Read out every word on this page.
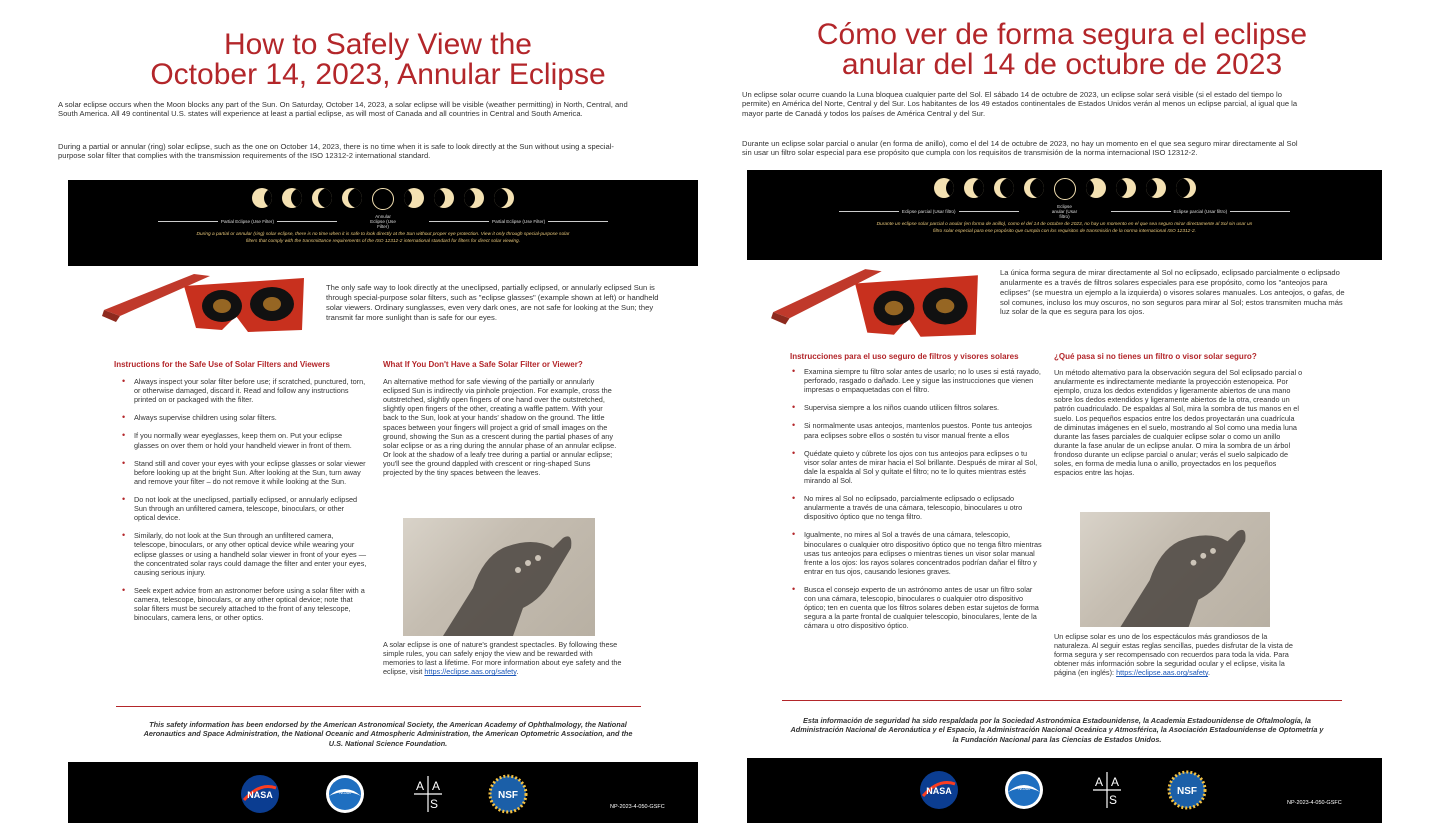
How to Safely View the
October 14, 2023, Annular Eclipse

A solar eclipse occurs when the Moon blocks any part of the Sun. On Saturday, October 14, 2023, a solar eclipse will be visible (weather permitting) in North, Central, and South America. All 49 continental U.S. states will experience at least a partial eclipse, as will most of Canada and all countries in Central and South America.

During a partial or annular (ring) solar eclipse, such as the one on October 14, 2023, there is no time when it is safe to look directly at the Sun without using a special-purpose solar filter that complies with the transmission requirements of the ISO 12312-2 international standard.

Partial Eclipse (Use Filter)
Annular Eclipse (Use Filter)
Partial Eclipse (Use Filter)

During a partial or annular (ring) solar eclipse, there is no time when it is safe to look directly at the Sun without proper eye protection. View it only through special-purpose solar filters that comply with the transmittance requirements of the ISO 12312-2 international standard for filters for direct solar viewing.

The only safe way to look directly at the uneclipsed, partially eclipsed, or annularly eclipsed Sun is through special-purpose solar filters, such as "eclipse glasses" (example shown at left) or handheld solar viewers. Ordinary sunglasses, even very dark ones, are not safe for looking at the Sun; they transmit far more sunlight than is safe for our eyes.

Instructions for the Safe Use of Solar Filters and Viewers
• Always inspect your solar filter before use; if scratched, punctured, torn, or otherwise damaged, discard it. Read and follow any instructions printed on or packaged with the filter.
• Always supervise children using solar filters.
• If you normally wear eyeglasses, keep them on. Put your eclipse glasses on over them or hold your handheld viewer in front of them.
• Stand still and cover your eyes with your eclipse glasses or solar viewer before looking up at the bright Sun. After looking at the Sun, turn away and remove your filter – do not remove it while looking at the Sun.
• Do not look at the uneclipsed, partially eclipsed, or annularly eclipsed Sun through an unfiltered camera, telescope, binoculars, or other optical device.
• Similarly, do not look at the Sun through an unfiltered camera, telescope, binoculars, or any other optical device while wearing your eclipse glasses or using a handheld solar viewer in front of your eyes — the concentrated solar rays could damage the filter and enter your eyes, causing serious injury.
• Seek expert advice from an astronomer before using a solar filter with a camera, telescope, binoculars, or any other optical device; note that solar filters must be securely attached to the front of any telescope, binoculars, camera lens, or other optics.
What If You Don't Have a Safe Solar Filter or Viewer?

An alternative method for safe viewing of the partially or annularly eclipsed Sun is indirectly via pinhole projection. For example, cross the outstretched, slightly open fingers of one hand over the outstretched, slightly open fingers of the other, creating a waffle pattern. With your back to the Sun, look at your hands' shadow on the ground. The little spaces between your fingers will project a grid of small images on the ground, showing the Sun as a crescent during the partial phases of any solar eclipse or as a ring during the annular phase of an annular eclipse. Or look at the shadow of a leafy tree during a partial or annular eclipse; you'll see the ground dappled with crescent or ring-shaped Suns projected by the tiny spaces between the leaves.

A solar eclipse is one of nature's grandest spectacles. By following these simple rules, you can safely enjoy the view and be rewarded with memories to last a lifetime. For more information about eye safety and the eclipse, visit https://eclipse.aas.org/safety.

This safety information has been endorsed by the American Astronomical Society, the American Academy of Ophthalmology, the National Aeronautics and Space Administration, the National Oceanic and Atmospheric Administration, the American Optometric Association, and the U.S. National Science Foundation.

NASA	NOAA	A A
S
NSF
NP-2023-4-050-GSFC
Cómo ver de forma segura el eclipse
anular del 14 de octubre de 2023

Un eclipse solar ocurre cuando la Luna bloquea cualquier parte del Sol. El sábado 14 de octubre de 2023, un eclipse solar será visible (si el estado del tiempo lo permite) en América del Norte, Central y del Sur. Los habitantes de los 49 estados continentales de Estados Unidos verán al menos un eclipse parcial, al igual que la mayor parte de Canadá y todos los países de América Central y del Sur.

Durante un eclipse solar parcial o anular (en forma de anillo), como el del 14 de octubre de 2023, no hay un momento en el que sea seguro mirar directamente al Sol sin usar un filtro solar especial para ese propósito que cumpla con los requisitos de transmisión de la norma internacional ISO 12312-2.

Eclipse parcial (Usar filtro)
Eclipse anular (Usar filtro)
Eclipse parcial (Usar filtro)

Durante un eclipse solar parcial o anular (en forma de anillo), como el del 14 de octubre de 2023, no hay un momento en el que sea seguro mirar directamente al Sol sin usar un filtro solar especial para ese propósito que cumpla con los requisitos de transmisión de la norma internacional ISO 12312-2.

La única forma segura de mirar directamente al Sol no eclipsado, eclipsado parcialmente o eclipsado anularmente es a través de filtros solares especiales para ese propósito, como los "anteojos para eclipses" (se muestra un ejemplo a la izquierda) o visores solares manuales. Los anteojos, o gafas, de sol comunes, incluso los muy oscuros, no son seguros para mirar al Sol; estos transmiten mucha más luz solar de la que es segura para los ojos.

Instrucciones para el uso seguro de filtros y visores solares
• Examina siempre tu filtro solar antes de usarlo; no lo uses si está rayado, perforado, rasgado o dañado. Lee y sigue las instrucciones que vienen impresas o empaquetadas con el filtro.
• Supervisa siempre a los niños cuando utilicen filtros solares.
• Si normalmente usas anteojos, mantenlos puestos. Ponte tus anteojos para eclipses sobre ellos o sostén tu visor manual frente a ellos
• Quédate quieto y cúbrete los ojos con tus anteojos para eclipses o tu visor solar antes de mirar hacia el Sol brillante. Después de mirar al Sol, dale la espalda al Sol y quítate el filtro; no te lo quites mientras estés mirando al Sol.
• No mires al Sol no eclipsado, parcialmente eclipsado o eclipsado anularmente a través de una cámara, telescopio, binoculares u otro dispositivo óptico que no tenga filtro.
• Igualmente, no mires al Sol a través de una cámara, telescopio, binoculares o cualquier otro dispositivo óptico que no tenga filtro mientras usas tus anteojos para eclipses o mientras tienes un visor solar manual frente a los ojos: los rayos solares concentrados podrían dañar el filtro y entrar en tus ojos, causando lesiones graves.
• Busca el consejo experto de un astrónomo antes de usar un filtro solar con una cámara, telescopio, binoculares o cualquier otro dispositivo óptico; ten en cuenta que los filtros solares deben estar sujetos de forma segura a la parte frontal de cualquier telescopio, binoculares, lente de la cámara u otro dispositivo óptico.
¿Qué pasa si no tienes un filtro o visor solar seguro?

Un método alternativo para la observación segura del Sol eclipsado parcial o anularmente es indirectamente mediante la proyección estenopeica. Por ejemplo, cruza los dedos extendidos y ligeramente abiertos de una mano sobre los dedos extendidos y ligeramente abiertos de la otra, creando un patrón cuadriculado. De espaldas al Sol, mira la sombra de tus manos en el suelo. Los pequeños espacios entre los dedos proyectarán una cuadrícula de diminutas imágenes en el suelo, mostrando al Sol como una media luna durante las fases parciales de cualquier eclipse solar o como un anillo durante la fase anular de un eclipse anular. O mira la sombra de un árbol frondoso durante un eclipse parcial o anular; verás el suelo salpicado de soles, en forma de media luna o anillo, proyectados en los pequeños espacios entre las hojas.

Un eclipse solar es uno de los espectáculos más grandiosos de la naturaleza. Al seguir estas reglas sencillas, puedes disfrutar de la vista de forma segura y ser recompensado con recuerdos para toda la vida. Para obtener más información sobre la seguridad ocular y el eclipse, visita la página (en inglés): https://eclipse.aas.org/safety.

Esta información de seguridad ha sido respaldada por la Sociedad Astronómica Estadounidense, la Academia Estadounidense de Oftalmología, la Administración Nacional de Aeronáutica y el Espacio, la Administración Nacional Oceánica y Atmosférica, la Asociación Estadounidense de Optometría y la Fundación Nacional para las Ciencias de Estados Unidos.

NASA	NOAA	A A
S
NSF
NP-2023-4-050-GSFC
